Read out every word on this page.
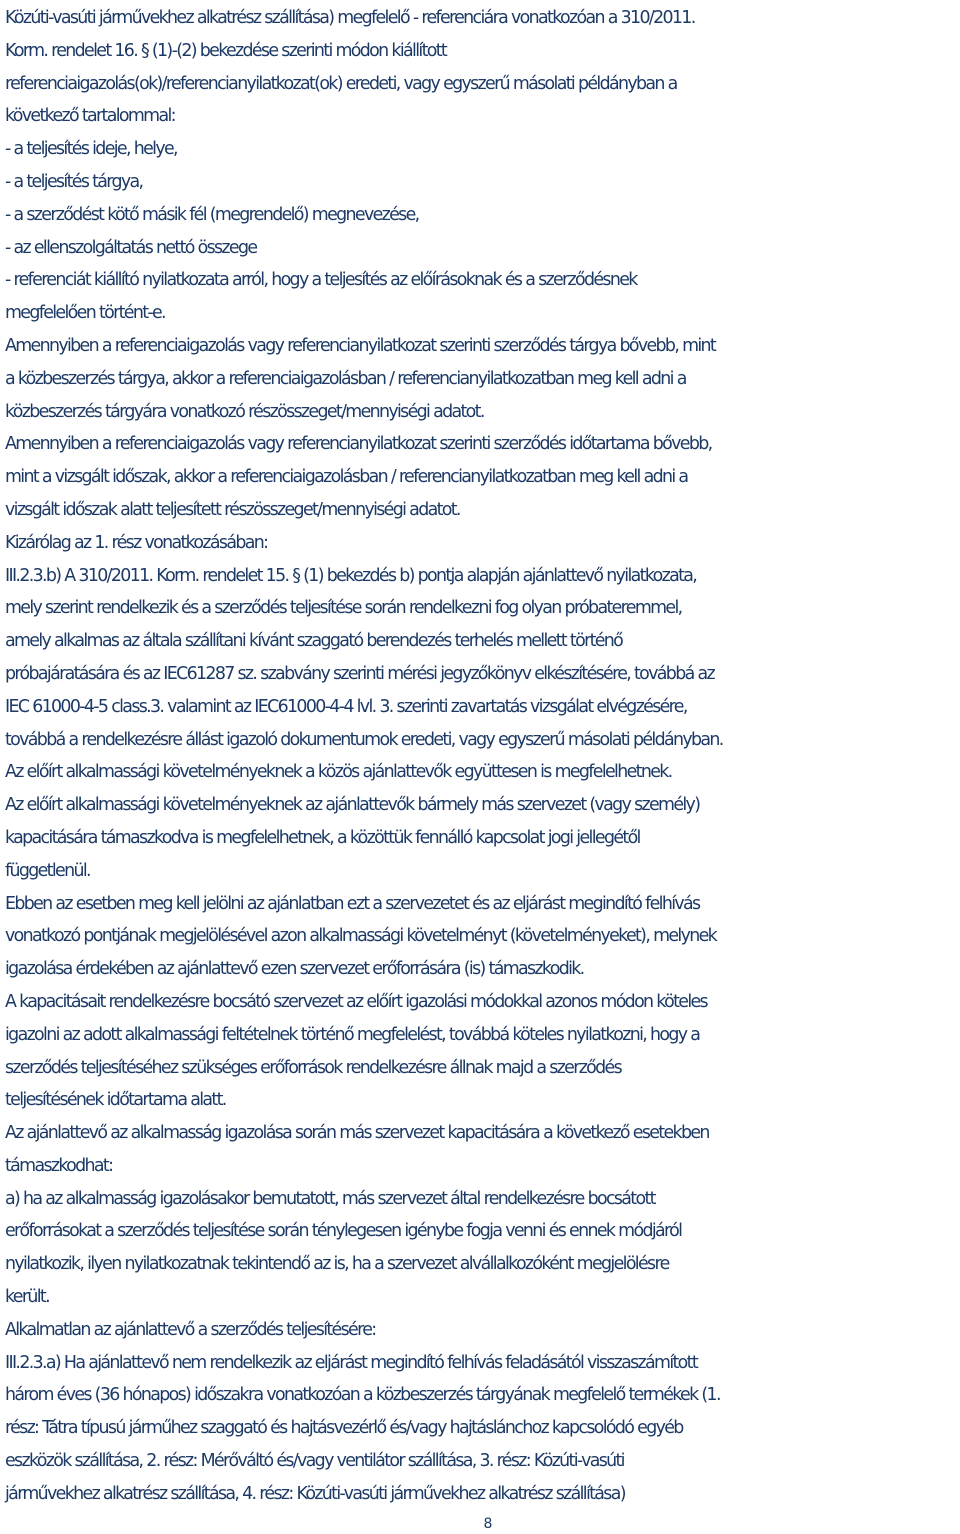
Közúti-vasúti járművekhez alkatrész szállítása) megfelelő - referenciára vonatkozóan a 310/2011.
Korm. rendelet 16. § (1)-(2) bekezdése szerinti módon kiállított
referenciaigazolás(ok)/referencianyilatkozat(ok) eredeti, vagy egyszerű másolati példányban a
következő tartalommal:
- a teljesítés ideje, helye,
- a teljesítés tárgya,
- a szerződést kötő másik fél (megrendelő) megnevezése,
- az ellenszolgáltatás nettó összege
- referenciát kiállító nyilatkozata arról, hogy a teljesítés az előírásoknak és a szerződésnek
megfelelően történt-e.
Amennyiben a referenciaigazolás vagy referencianyilatkozat szerinti szerződés tárgya bővebb, mint
a közbeszerzés tárgya, akkor a referenciaigazolásban / referencianyilatkozatban meg kell adni a
közbeszerzés tárgyára vonatkozó részösszeget/mennyiségi adatot.
Amennyiben a referenciaigazolás vagy referencianyilatkozat szerinti szerződés időtartama bővebb,
mint a vizsgált időszak, akkor a referenciaigazolásban / referencianyilatkozatban meg kell adni a
vizsgált időszak alatt teljesített részösszeget/mennyiségi adatot.
Kizárólag az 1. rész vonatkozásában:
III.2.3.b) A 310/2011. Korm. rendelet 15. § (1) bekezdés b) pontja alapján ajánlattevő nyilatkozata,
mely szerint rendelkezik és a szerződés teljesítése során rendelkezni fog olyan próbateremmel,
amely alkalmas az általa szállítani kívánt szaggató berendezés terhelés mellett történő
próbajáratására és az IEC61287 sz. szabvány szerinti mérési jegyzőkönyv elkészítésére, továbbá az
IEC 61000-4-5 class.3. valamint az IEC61000-4-4 lvl. 3. szerinti zavartatás vizsgálat elvégzésére,
továbbá a rendelkezésre állást igazoló dokumentumok eredeti, vagy egyszerű másolati példányban.
Az előírt alkalmassági követelményeknek a közös ajánlattevők együttesen is megfelelhetnek.
Az előírt alkalmassági követelményeknek az ajánlattevők bármely más szervezet (vagy személy)
kapacitására támaszkodva is megfelelhetnek, a közöttük fennálló kapcsolat jogi jellegétől
függetlenül.
Ebben az esetben meg kell jelölni az ajánlatban ezt a szervezetet és az eljárást megindító felhívás
vonatkozó pontjának megjelölésével azon alkalmassági követelményt (követelményeket), melynek
igazolása érdekében az ajánlattevő ezen szervezet erőforrására (is) támaszkodik.
A kapacitásait rendelkezésre bocsátó szervezet az előírt igazolási módokkal azonos módon köteles
igazolni az adott alkalmassági feltételnek történő megfelelést, továbbá köteles nyilatkozni, hogy a
szerződés teljesítéséhez szükséges erőforrások rendelkezésre állnak majd a szerződés
teljesítésének időtartama alatt.
Az ajánlattevő az alkalmasság igazolása során más szervezet kapacitására a következő esetekben
támaszkodhat:
a) ha az alkalmasság igazolásakor bemutatott, más szervezet által rendelkezésre bocsátott
erőforrásokat a szerződés teljesítése során ténylegesen igénybe fogja venni és ennek módjáról
nyilatkozik, ilyen nyilatkozatnak tekintendő az is, ha a szervezet alvállalkozóként megjelölésre
került.
Alkalmatlan az ajánlattevő a szerződés teljesítésére:
III.2.3.a) Ha ajánlattevő nem rendelkezik az eljárást megindító felhívás feladásától visszaszámított
három éves (36 hónapos) időszakra vonatkozóan a közbeszerzés tárgyának megfelelő termékek (1.
rész: Tátra típusú járműhez szaggató és hajtásvezérlő és/vagy hajtáslánchoz kapcsolódó egyéb
eszközök szállítása, 2. rész: Mérőváltó és/vagy ventilátor szállítása, 3. rész: Közúti-vasúti
járművekhez alkatrész szállítása, 4. rész: Közúti-vasúti járművekhez alkatrész szállítása)
8
